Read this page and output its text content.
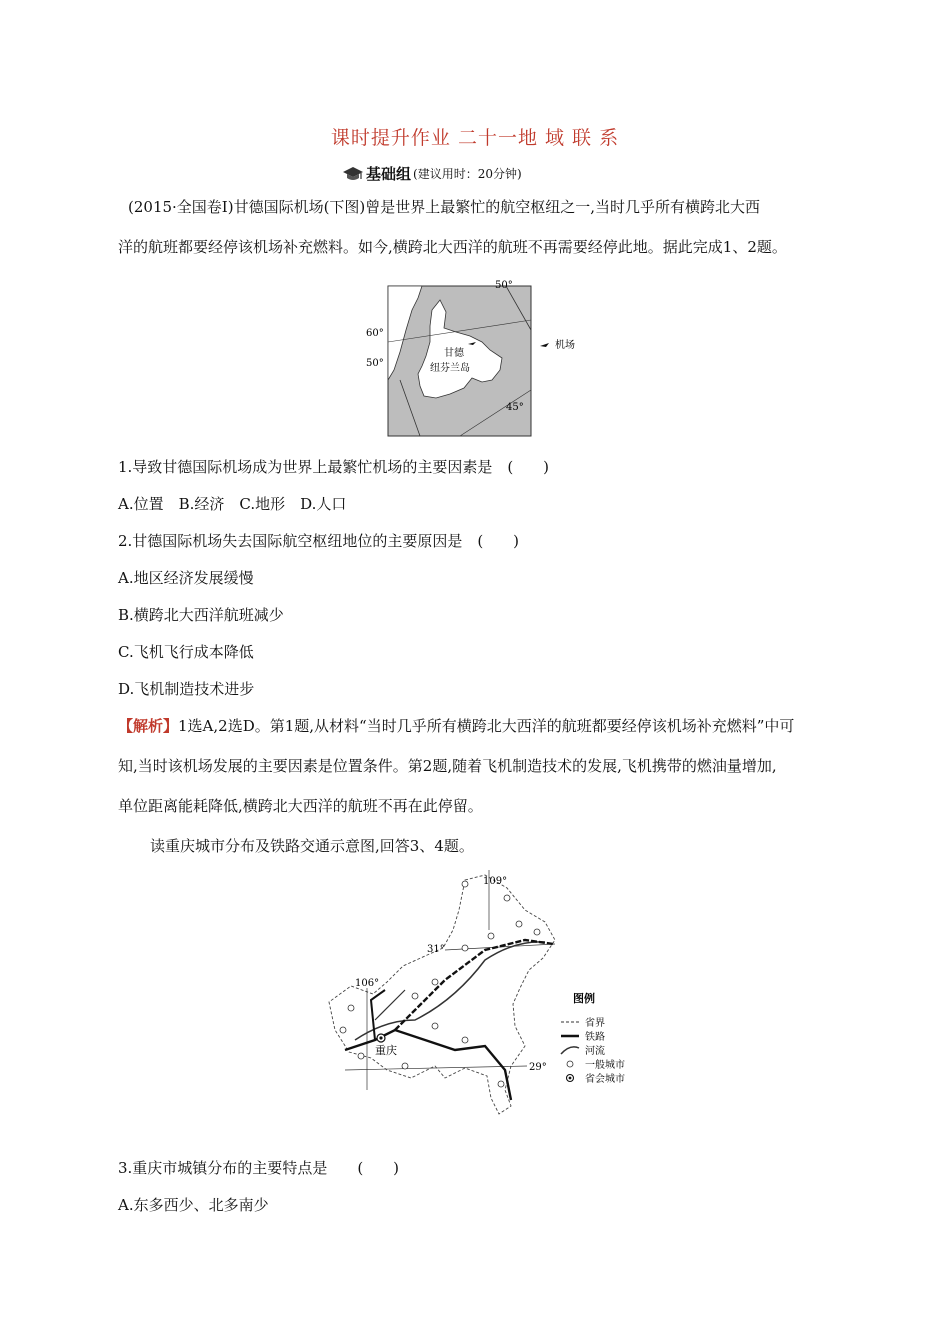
课时提升作业 二十一地 域 联 系
基础组 (建议用时：20分钟)
(2015·全国卷Ⅰ)甘德国际机场(下图)曾是世界上最繁忙的航空枢纽之一,当时几乎所有横跨北大西
洋的航班都要经停该机场补充燃料。如今,横跨北大西洋的航班不再需要经停此地。据此完成1、2题。
50°
60°
50°
45°
甘德
纽芬兰岛
机场
1.导致甘德国际机场成为世界上最繁忙机场的主要因素是　(　　)
A.位置　B.经济　C.地形　D.人口
2.甘德国际机场失去国际航空枢纽地位的主要原因是　(　　)
A.地区经济发展缓慢
B.横跨北大西洋航班减少
C.飞机飞行成本降低
D.飞机制造技术进步
【解析】1选A,2选D。第1题,从材料“当时几乎所有横跨北大西洋的航班都要经停该机场补充燃料”中可
知,当时该机场发展的主要因素是位置条件。第2题,随着飞机制造技术的发展,飞机携带的燃油量增加,
单位距离能耗降低,横跨北大西洋的航班不再在此停留。
读重庆城市分布及铁路交通示意图,回答3、4题。
重庆
109°
31°
106°
29°
图例
省界
铁路
河流
一般城市
省会城市
3.重庆市城镇分布的主要特点是　　(　　)
A.东多西少、北多南少
